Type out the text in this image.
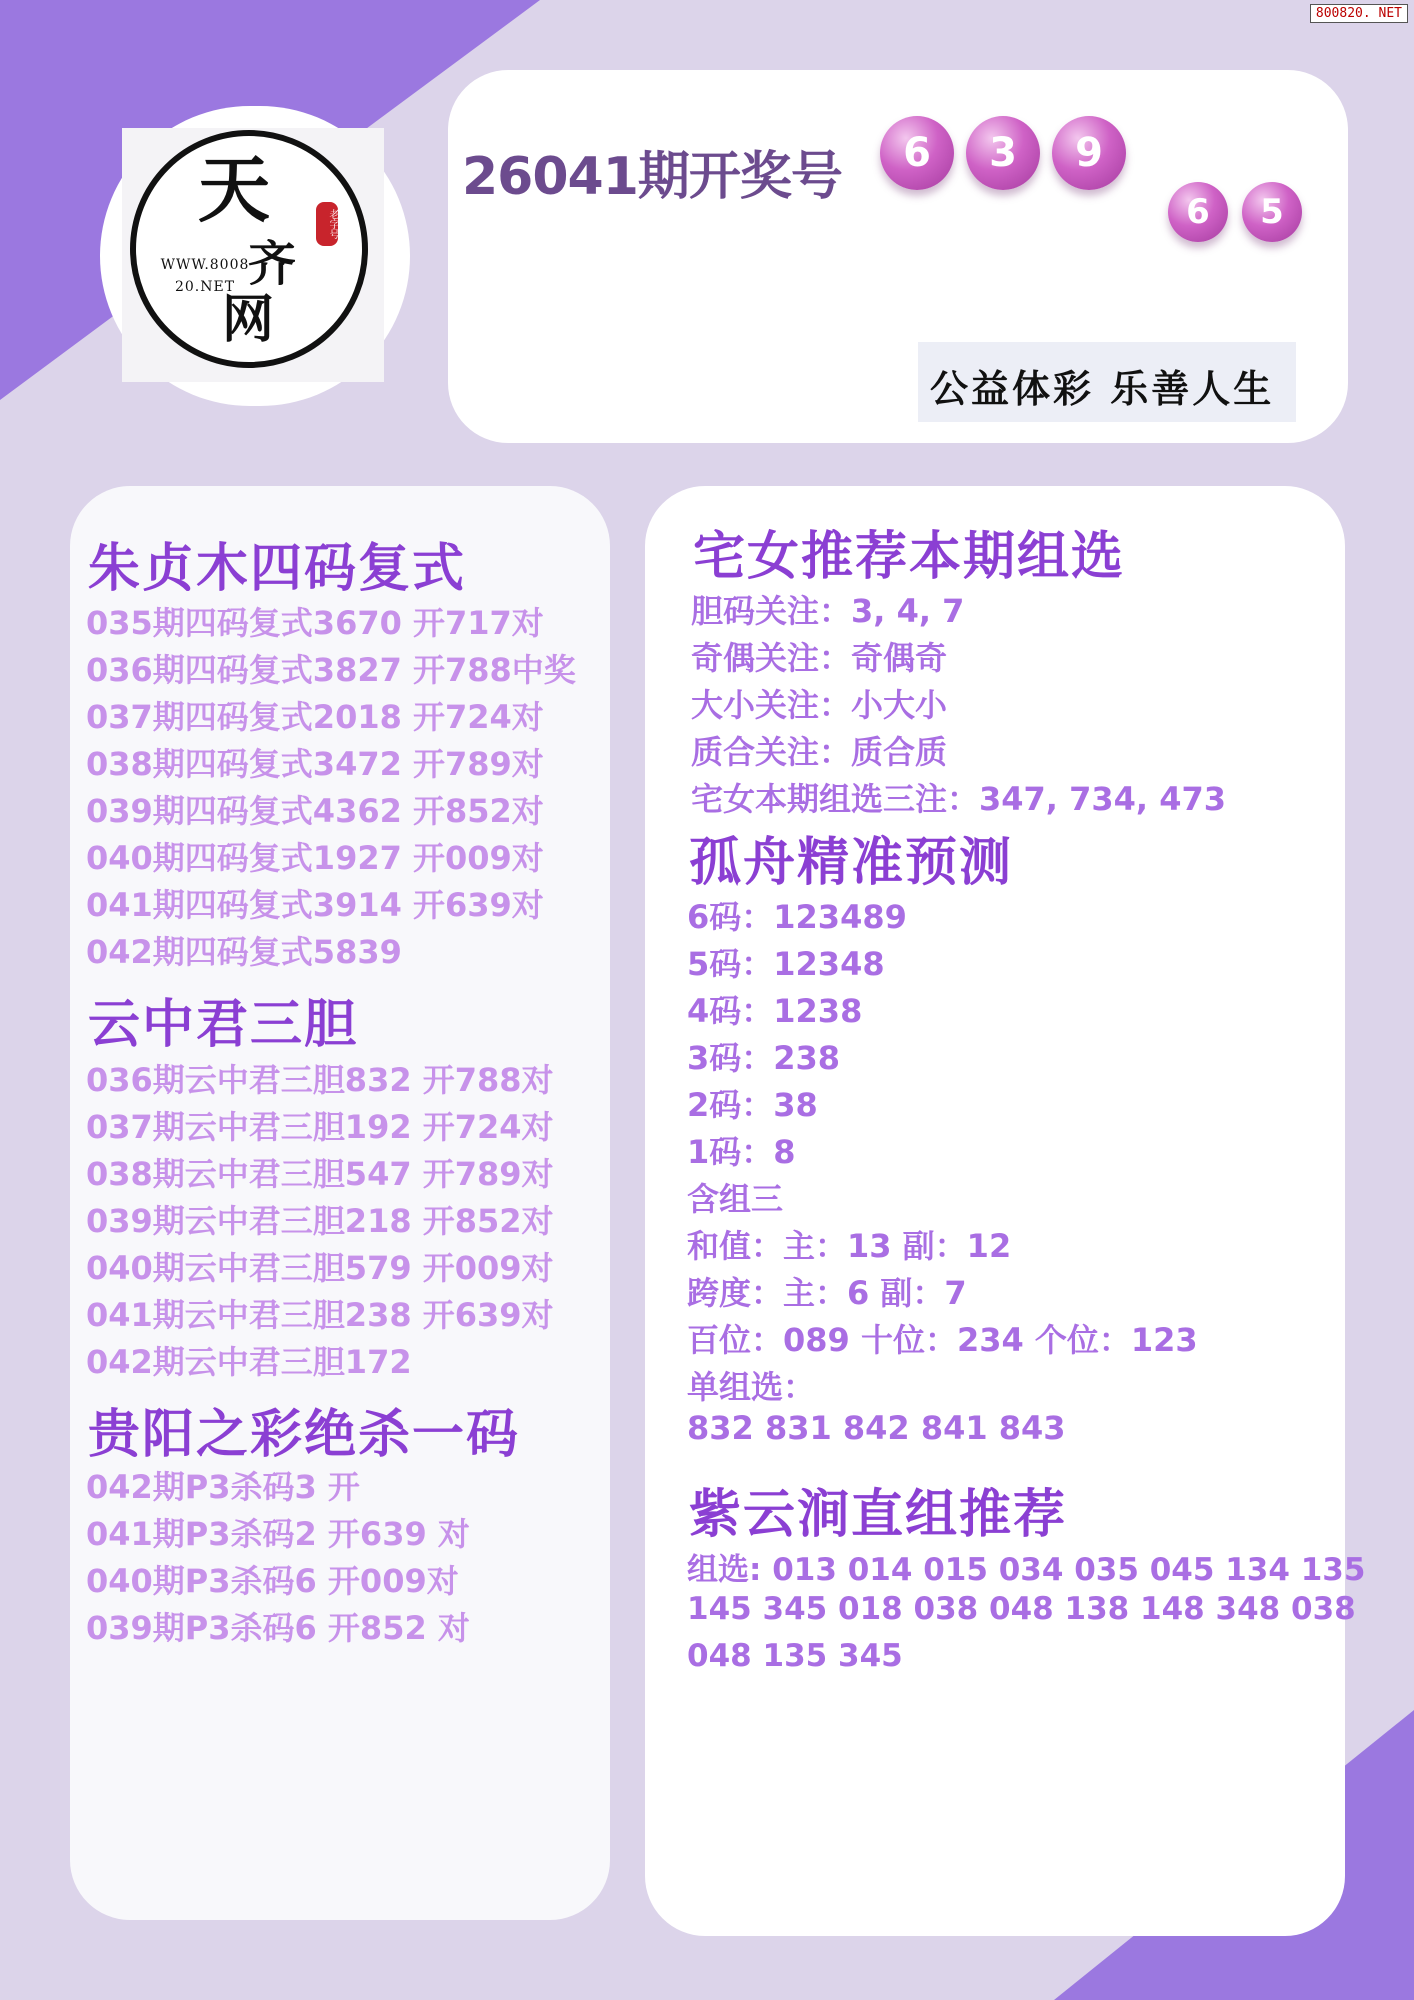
800820. NET
天	老字号
WWW.8008 20.NET 齐
网
26041期开奖号	6	3	9
6	5
公益体彩 乐善人生
朱贞木四码复式
035期四码复式3670 开717对
036期四码复式3827 开788中奖
037期四码复式2018 开724对
038期四码复式3472 开789对
039期四码复式4362 开852对
040期四码复式1927 开009对
041期四码复式3914 开639对
042期四码复式5839
云中君三胆
036期云中君三胆832 开788对
037期云中君三胆192 开724对
038期云中君三胆547 开789对
039期云中君三胆218 开852对
040期云中君三胆579 开009对
041期云中君三胆238 开639对
042期云中君三胆172
贵阳之彩绝杀一码
042期P3杀码3 开
041期P3杀码2 开639 对
040期P3杀码6 开009对
039期P3杀码6 开852 对
宅女推荐本期组选
胆码关注：3, 4, 7
奇偶关注：奇偶奇
大小关注：小大小
质合关注：质合质
宅女本期组选三注：347, 734, 473
孤舟精准预测
6码：123489
5码：12348
4码：1238
3码：238
2码：38
1码：8
含组三
和值：主：13 副：12
跨度：主：6 副：7
百位：089 十位：234 个位：123
单组选：
832 831 842 841 843
紫云涧直组推荐
组选: 013 014 015 034 035 045 134 135
145 345 018 038 048 138 148 348 038
048 135 345
